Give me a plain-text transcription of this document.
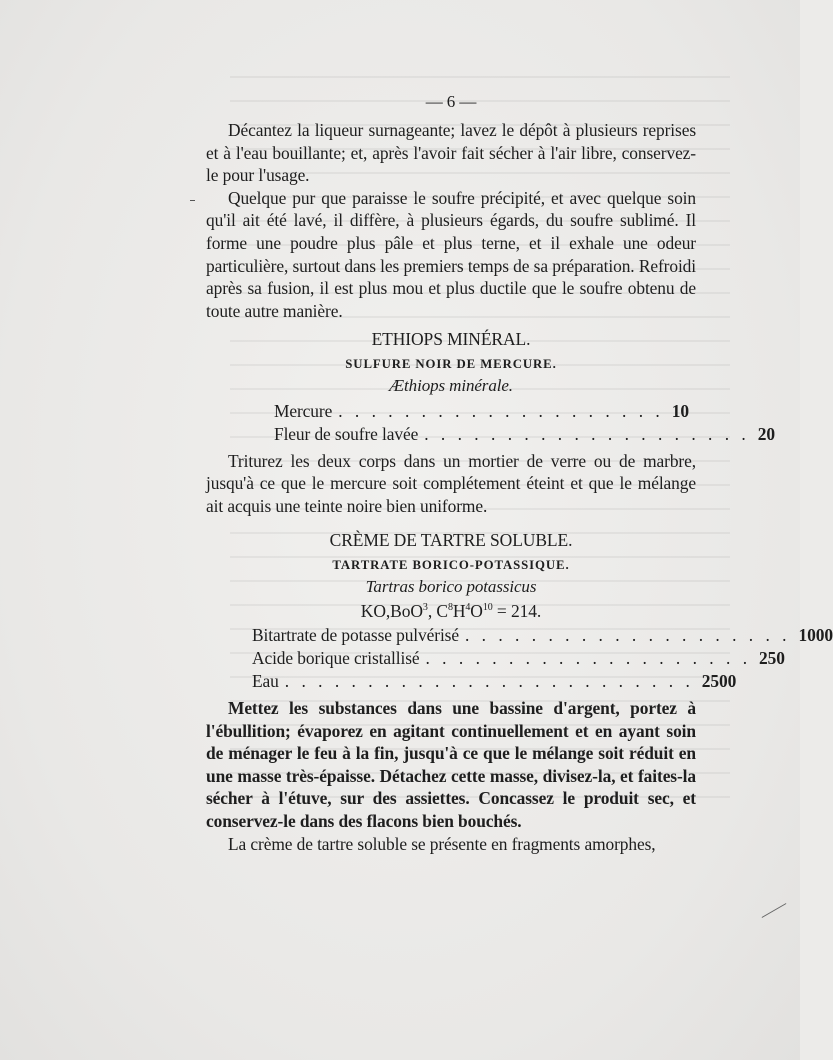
— 6 —

Décantez la liqueur surnageante; lavez le dépôt à plusieurs reprises et à l'eau bouillante; et, après l'avoir fait sécher à l'air libre, conservez-le pour l'usage.

Quelque pur que paraisse le soufre précipité, et avec quelque soin qu'il ait été lavé, il diffère, à plusieurs égards, du soufre sublimé. Il forme une poudre plus pâle et plus terne, et il exhale une odeur particulière, surtout dans les premiers temps de sa préparation. Refroidi après sa fusion, il est plus mou et plus ductile que le soufre obtenu de toute autre manière.

ETHIOPS MINÉRAL.
SULFURE NOIR DE MERCURE.
Æthiops minérale.
Mercure . . . . . . . . . . . . . . . . . . . . 10
Fleur de soufre lavée . . . . . . . . . . . . . . . . . . . . 20

Triturez les deux corps dans un mortier de verre ou de marbre, jusqu'à ce que le mercure soit complétement éteint et que le mélange ait acquis une teinte noire bien uniforme.

CRÈME DE TARTRE SOLUBLE.
TARTRATE BORICO-POTASSIQUE.
Tartras borico potassicus
KO,BoO$^3$, $C^8H^4O^{10} = 214$.
Bitartrate de potasse pulvérisé . . . . . . . . . . . . . . . . . . . . 1000
Acide borique cristallisé . . . . . . . . . . . . . . . . . . . . 250
Eau . . . . . . . . . . . . . . . . . . . . . . . . . 2500

Mettez les substances dans une bassine d'argent, portez à l'ébullition; évaporez en agitant continuellement et en ayant soin de ménager le feu à la fin, jusqu'à ce que le mélange soit réduit en une masse très-épaisse. Détachez cette masse, divisez-la, et faites-la sécher à l'étuve, sur des assiettes. Concassez le produit sec, et conservez-le dans des flacons bien bouchés.

La crème de tartre soluble se présente en fragments amorphes,
